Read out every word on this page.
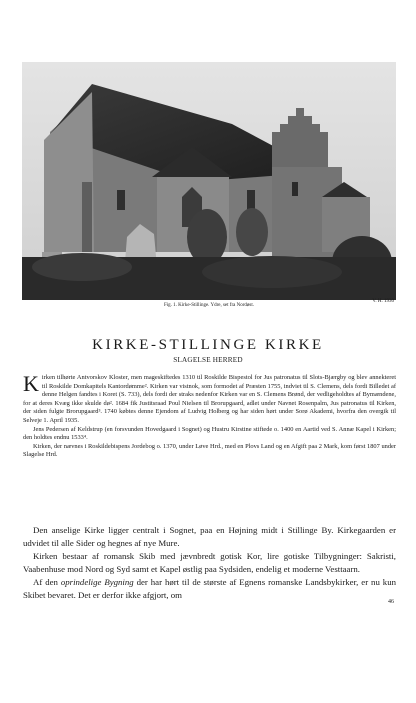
Fig. 1. Kirke-Stillinge. Ydre, set fra Nordøst.
V. H. 1930
KIRKE-STILLINGE KIRKE
SLAGELSE HERRED

Kirken tilhørte Antvorskov Kloster, men mageskiftedes 1310 til Roskilde Bispestol for Jus patronatus til Slots-Bjærgby og blev annekteret til Roskilde Domkapitels Kantordømme². Kirken var vistnok, som formodet af Præsten 1755, indviet til S. Clemens, dels fordi Billedet af denne Helgen fandtes i Koret (S. 733), dels fordi der straks nedenfor Kirken var en S. Clemens Brønd, der vedligeholdtes af Bymændene, for at deres Kvæg ikke skulde dø². 1684 fik Justitsraad Poul Nielsen til Brorupgaard, adlet under Navnet Rosenpalm, Jus patronatus til Kirken, der siden fulgte Brorupgaard³. 1740 købtes denne Ejendom af Ludvig Holberg og har siden hørt under Sorø Akademi, hvorfra den overgik til Selveje 1. April 1935.

Jens Pedersen af Keldstrup (en forsvunden Hovedgaard i Sognet) og Hustru Kirstine stiftede o. 1400 en Aartid ved S. Annæ Kapel i Kirken; den holdtes endnu 1533⁴.

Kirken, der nævnes i Roskildebispens Jordebog o. 1370, under Løve Hrd., med en Plovs Land og en Afgift paa 2 Mark, kom først 1807 under Slagelse Hrd.

Den anselige Kirke ligger centralt i Sognet, paa en Højning midt i Stillinge By. Kirkegaarden er udvidet til alle Sider og hegnes af nye Mure.

Kirken bestaar af romansk Skib med jævnbredt gotisk Kor, lire gotiske Tilbygninger: Sakristi, Vaabenhuse mod Nord og Syd samt et Kapel østlig paa Sydsiden, endelig et moderne Vesttaarn.

Af den oprindelige Bygning der har hørt til de største af Egnens romanske Landsbykirker, er nu kun Skibet bevaret. Det er derfor ikke afgjort, om

46
